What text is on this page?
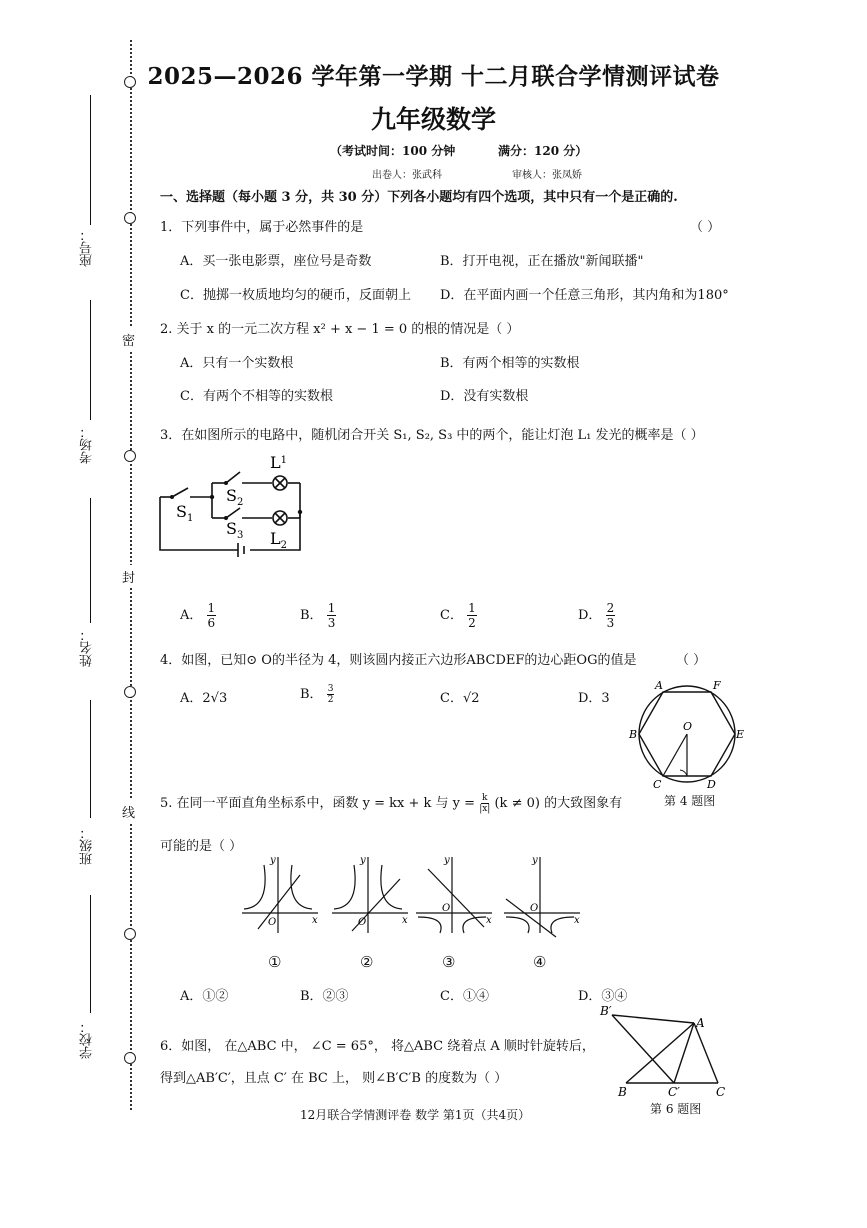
2025—2026 学年第一学期 十二月联合学情测评试卷
九年级数学
（考试时间：100 分钟	满分：120 分）
出卷人：张武科	审核人：张凤娇
座号：
考场：
姓名：
班级：
学校：
密
封
线
一、选择题（每小题 3 分，共 30 分）下列各小题均有四个选项，其中只有一个是正确的.
1．下列事件中，属于必然事件的是	（ ）
A．买一张电影票，座位号是奇数	B．打开电视，正在播放"新闻联播"
C．抛掷一枚质地均匀的硬币，反面朝上 D．在平面内画一个任意三角形，其内角和为180°
2. 关于 x 的一元二次方程 x² + x − 1 = 0 的根的情况是（ ）
A．只有一个实数根	B．有两个相等的实数根
C．有两个不相等的实数根	D．没有实数根
3．在如图所示的电路中，随机闭合开关 S₁, S₂, S₃ 中的两个，能让灯泡 L₁ 发光的概率是（ ）
$S_1$
$S_2$
$S_3$
$L^1$
$L_2$
A． $\frac{1}{6}$	B． $\frac{1}{3}$	C． $\frac{1}{2}$	D． $\frac{2}{3}$
4．如图，已知⊙ O的半径为 4，则该圆内接正六边形ABCDEF的边心距OG的值是	（ ）
A．2√3	B． $\frac{3}{2}$	C．√2	D．3
A	F
B	E
C	D
O
第 4 题图
5. 在同一平面直角坐标系中，函数 y = kx + k 与 $y = \frac{k}{|x|} (k \ne 0)$ 的大致图象有
可能的是（ ）
y
x
O
y
x
O
y
x
O
y
x
O
①	②	③	④
A．①②	B．②③	C．①④	D．③④
6．如图， 在△ABC 中， ∠C = 65°， 将△ABC 绕着点 A 顺时针旋转后，
得到△AB′C′，且点 C′ 在 BC 上， 则∠B′C′B 的度数为（ ）
B′
A
B	C′	C
第 6 题图
12月联合学情测评卷 数学 第1页（共4页）
